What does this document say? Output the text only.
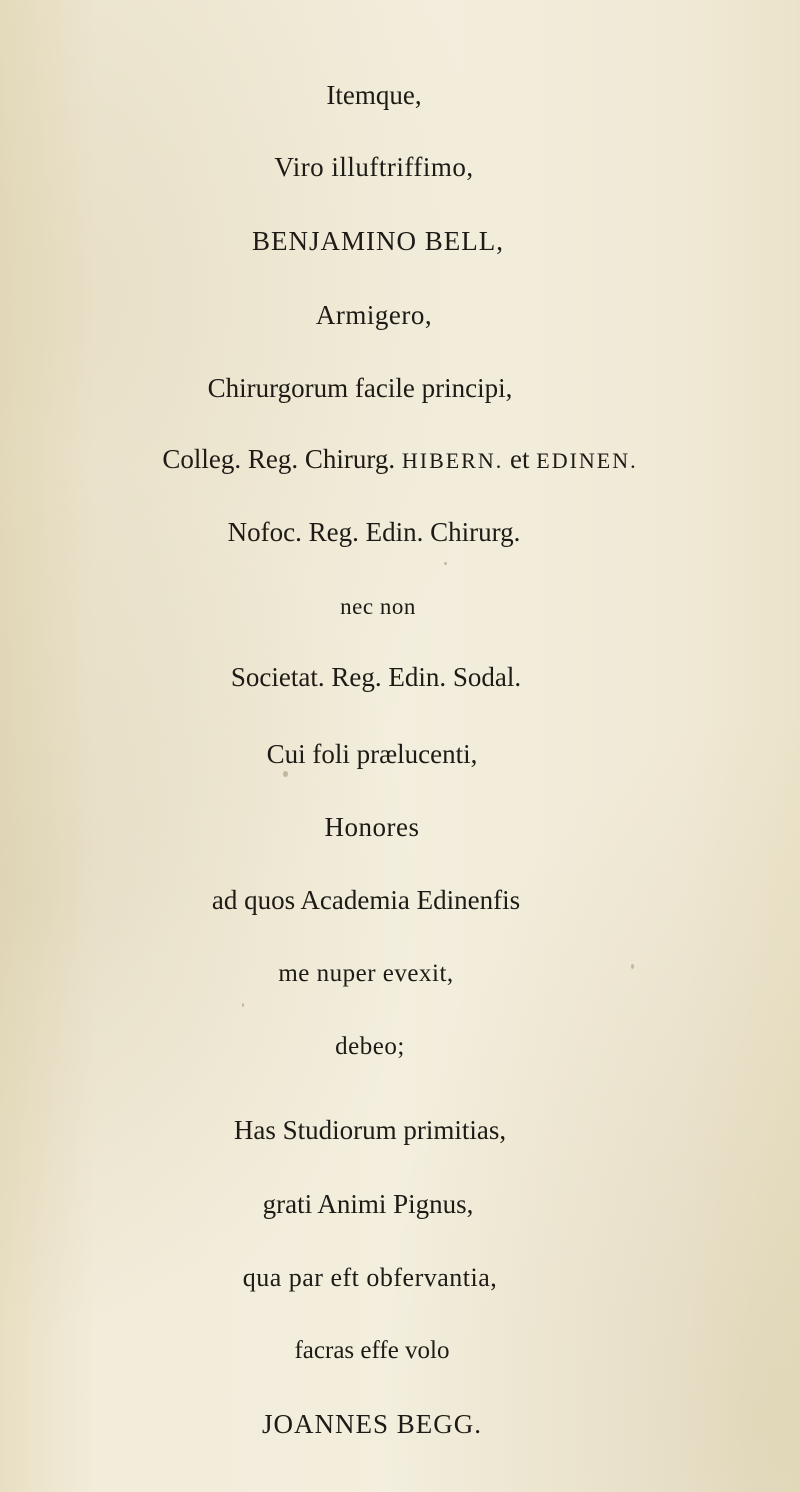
Itemque,
Viro illuftriffimo,
BENJAMINO BELL,
Armigero,
Chirurgorum facile principi,
Colleg. Reg. Chirurg. HIBERN. et EDINEN.
Nofoc. Reg. Edin. Chirurg.
nec non
Societat. Reg. Edin. Sodal.
Cui foli prælucenti,
Honores
ad quos Academia Edinenfis
me nuper evexit,
debeo;
Has Studiorum primitias,
grati Animi Pignus,
qua par eft obfervantia,
facras effe volo
JOANNES BEGG.
